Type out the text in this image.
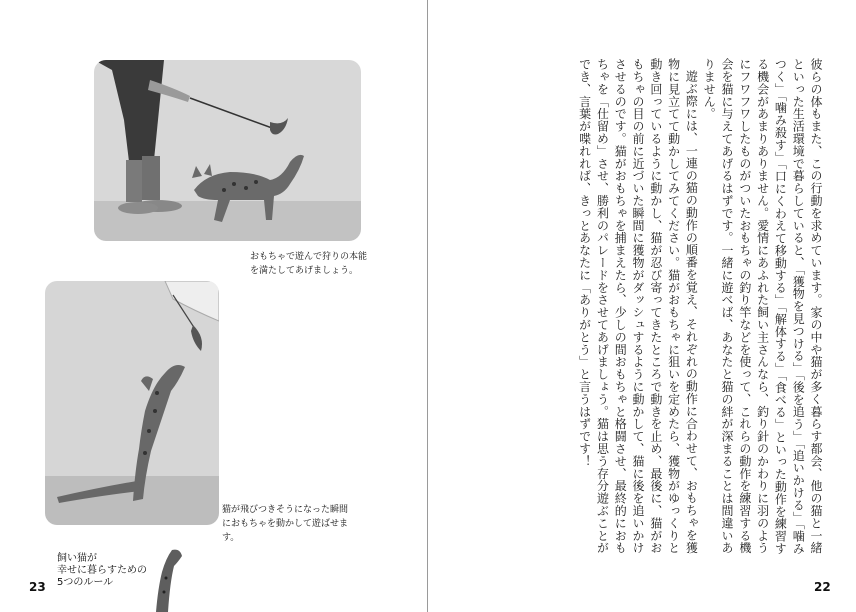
おもちゃで遊んで狩りの本能を満たしてあげましょう。
猫が飛びつきそうになった瞬間におもちゃを動かして遊ばせます。
飼い猫が
幸せに暮らすための
5つのルール
23	22

彼らの体もまた、この行動を求めています。家の中や猫が多く暮らす都会、他の猫と一緒といった生活環境で暮らしていると、「獲物を見つける」「後を追う」「追いかける」「噛みつく」「噛み殺す」「口にくわえて移動する」「解体する」「食べる」といった動作を練習する機会があまりありません。愛情にあふれた飼い主さんなら、釣り針のかわりに羽のようにフワフワしたものがついたおもちゃの釣り竿などを使って、これらの動作を練習する機会を猫に与えてあげるはずです。一緒に遊べば、あなたと猫の絆が深まることは間違いありません。

遊ぶ際には、一連の猫の動作の順番を覚え、それぞれの動作に合わせて、おもちゃを獲物に見立てて動かしてみてください。猫がおもちゃに狙いを定めたら、獲物がゆっくりと動き回っているように動かし、猫が忍び寄ってきたところで動きを止め、最後に、猫がおもちゃの目の前に近づいた瞬間に獲物がダッシュするように動かして、猫に後を追いかけさせるのです。猫がおもちゃを捕まえたら、少しの間おもちゃと格闘させ、最終的におもちゃを「仕留め」させ、勝利のパレードをさせてあげましょう。猫は思う存分遊ぶことができ、言葉が喋れれば、きっとあなたに「ありがとう」と言うはずです！
